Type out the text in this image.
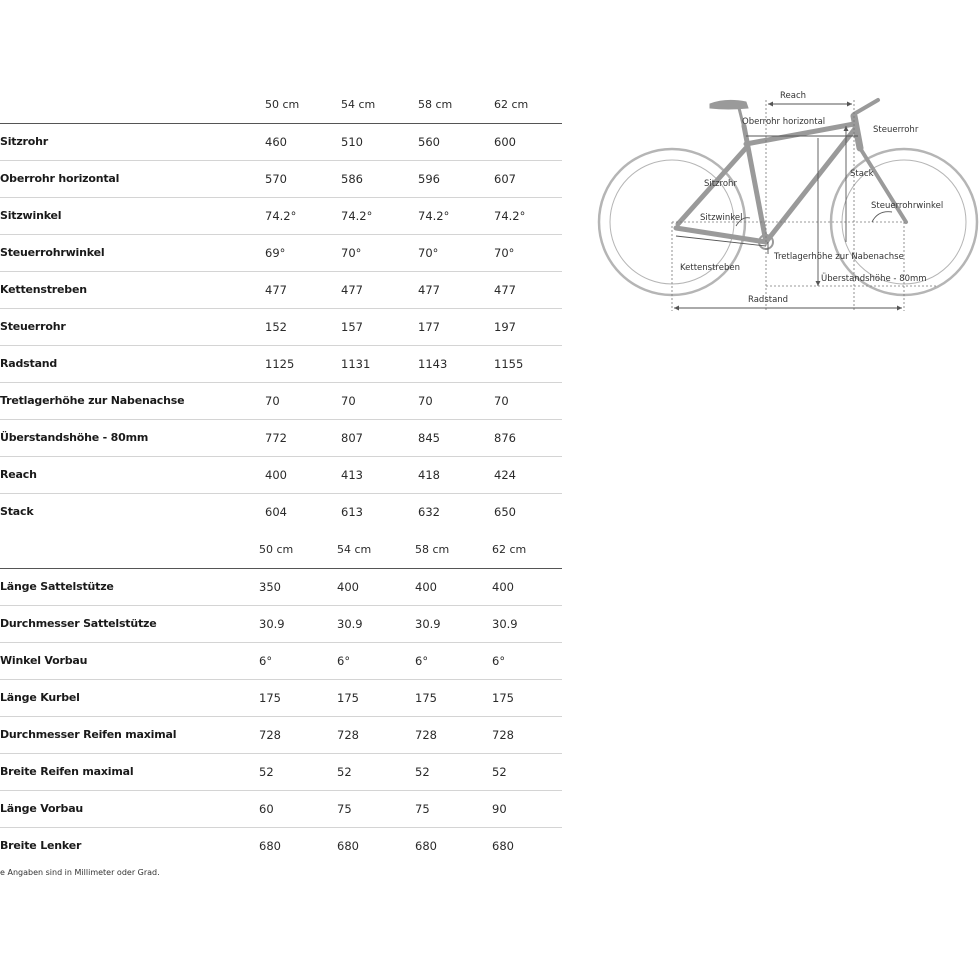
50 cm	54 cm	58 cm	62 cm
Sitzrohr	460	510	560	600
Oberrohr horizontal	570	586	596	607
Sitzwinkel	74.2°	74.2°	74.2°	74.2°
Steuerrohrwinkel	69°	70°	70°	70°
Kettenstreben	477	477	477	477
Steuerrohr	152	157	177	197
Radstand	1125	1131	1143	1155
Tretlagerhöhe zur Nabenachse	70	70	70	70
Überstandshöhe - 80mm	772	807	845	876
Reach	400	413	418	424
Stack	604	613	632	650
50 cm	54 cm	58 cm	62 cm
Länge Sattelstütze	350	400	400	400
Durchmesser Sattelstütze	30.9	30.9	30.9	30.9
Winkel Vorbau	6°	6°	6°	6°
Länge Kurbel	175	175	175	175
Durchmesser Reifen maximal	728	728	728	728
Breite Reifen maximal	52	52	52	52
Länge Vorbau	60	75	75	90
Breite Lenker	680	680	680	680
e Angaben sind in Millimeter oder Grad.
Reach
Oberrohr horizontal
Steuerrohr
Stack
Sitzrohr
Steuerrohrwinkel
Sitzwinkel
Tretlagerhöhe zur Nabenachse
Kettenstreben
Überstandshöhe - 80mm
Radstand
